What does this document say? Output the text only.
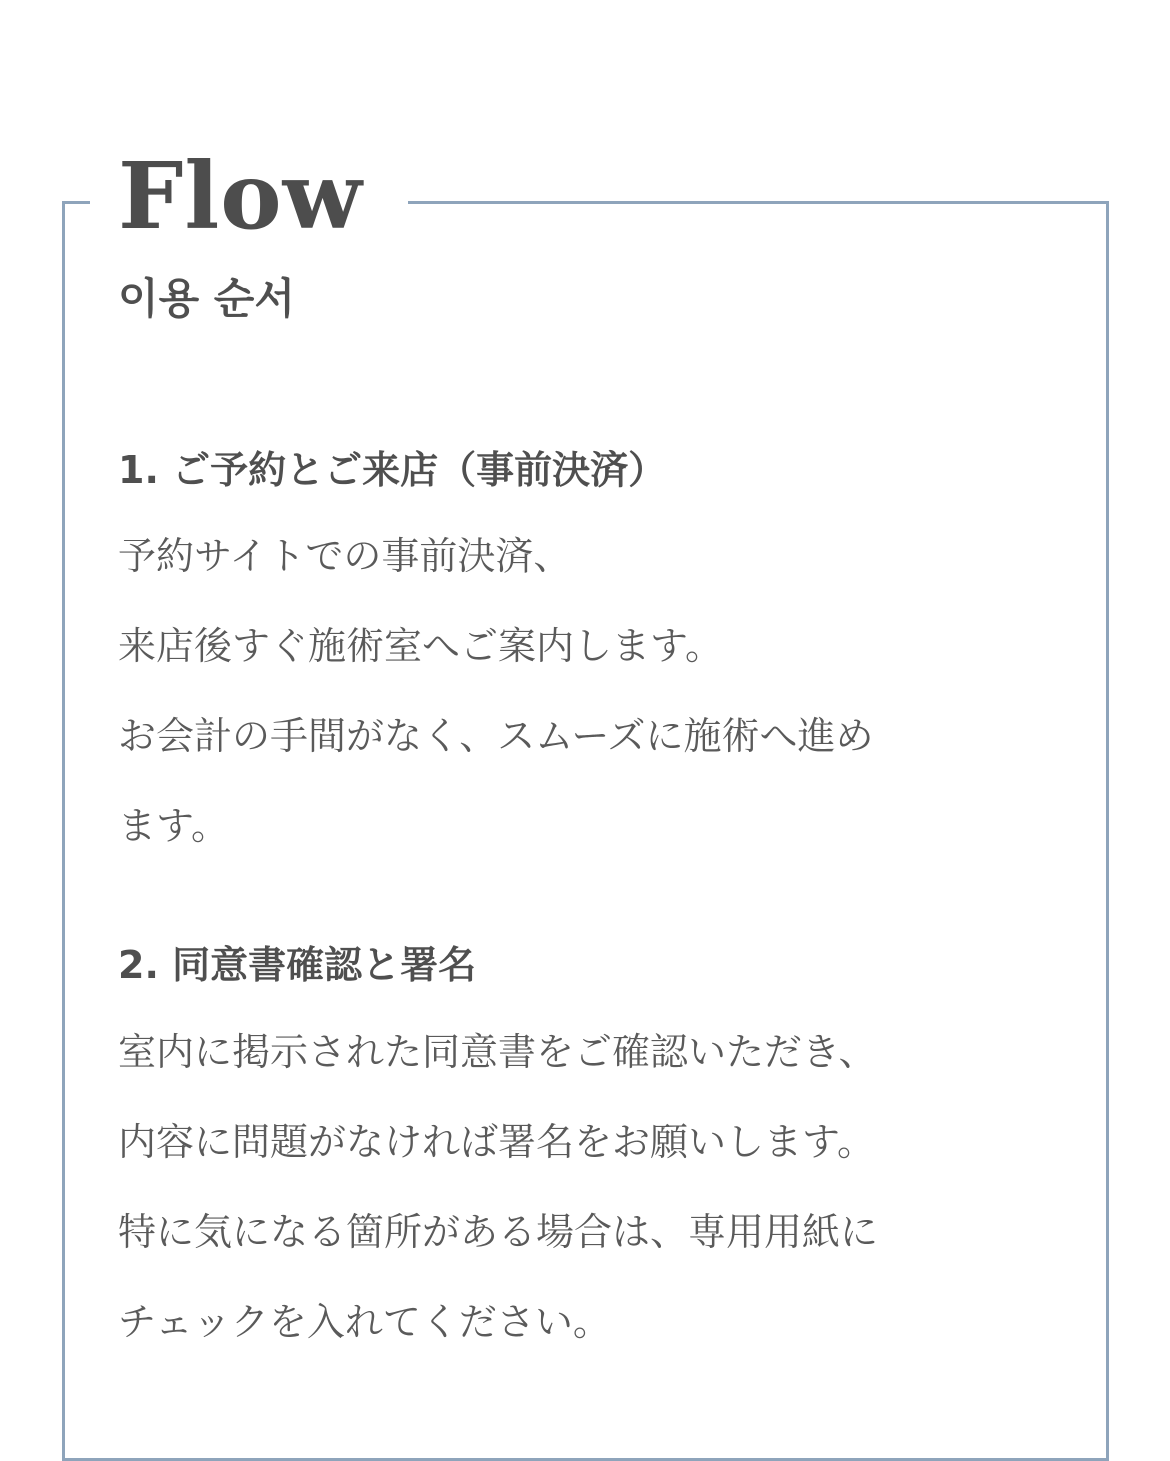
Flow
이용 순서
1. ご予約とご来店（事前決済）

予約サイトでの事前決済、

来店後すぐ施術室へご案内します。

お会計の手間がなく、スムーズに施術へ進め

ます。

2. 同意書確認と署名

室内に掲示された同意書をご確認いただき、

内容に問題がなければ署名をお願いします。

特に気になる箇所がある場合は、専用用紙に

チェックを入れてください。
